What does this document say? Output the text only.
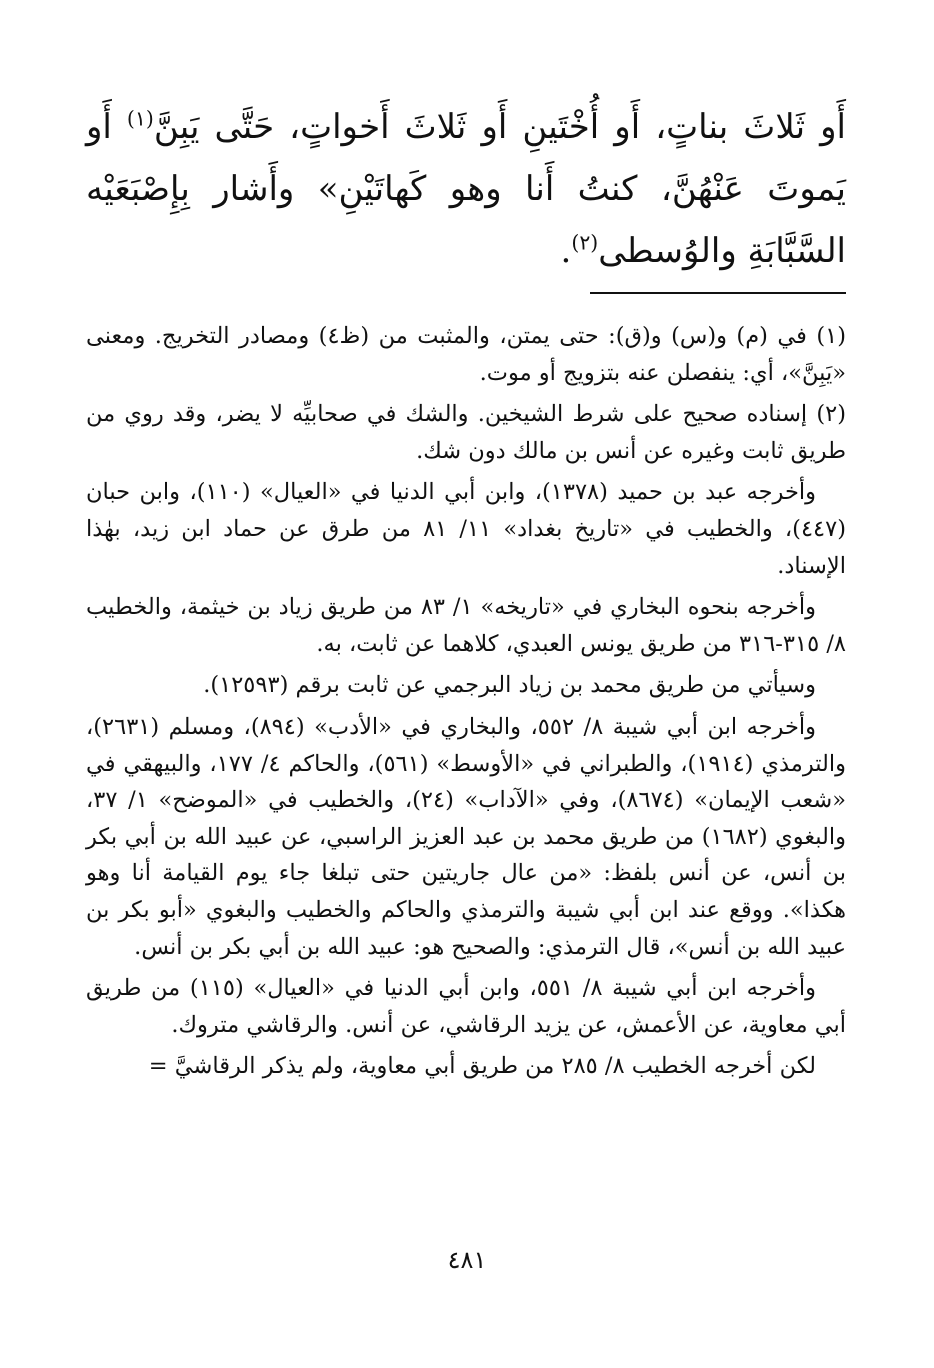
أَو ثَلاثَ بناتٍ، أَو أُخْتَينِ أَو ثَلاثَ أَخواتٍ، حَتَّى يَبِنَّ$^{(١)}$ أَو يَموتَ عَنْهُنَّ، كنتُ أَنا وهو كَهاتَيْنِ» وأَشار بِإِصْبَعَيْه السَّبَّابَةِ والوُسطى$^{(٢)}$.

(١) في (م) و(س) و(ق): حتى يمتن، والمثبت من (ظ٤) ومصادر التخريج. ومعنى «يَبِنَّ»، أي: ينفصلن عنه بتزويج أو موت.

(٢) إسناده صحيح على شرط الشيخين. والشك في صحابيِّه لا يضر، وقد روي من طريق ثابت وغيره عن أنس بن مالك دون شك.

وأخرجه عبد بن حميد (١٣٧٨)، وابن أبي الدنيا في «العيال» (١١٠)، وابن حبان (٤٤٧)، والخطيب في «تاريخ بغداد» ١١/ ٨١ من طرق عن حماد ابن زيد، بهٰذا الإسناد.

وأخرجه بنحوه البخاري في «تاريخه» ١/ ٨٣ من طريق زياد بن خيثمة، والخطيب ٨/ ٣١٥-٣١٦ من طريق يونس العبدي، كلاهما عن ثابت، به.

وسيأتي من طريق محمد بن زياد البرجمي عن ثابت برقم (١٢٥٩٣).

وأخرجه ابن أبي شيبة ٨/ ٥٥٢، والبخاري في «الأدب» (٨٩٤)، ومسلم (٢٦٣١)، والترمذي (١٩١٤)، والطبراني في «الأوسط» (٥٦١)، والحاكم ٤/ ١٧٧، والبيهقي في «شعب الإيمان» (٨٦٧٤)، وفي «الآداب» (٢٤)، والخطيب في «الموضح» ١/ ٣٧، والبغوي (١٦٨٢) من طريق محمد بن عبد العزيز الراسبي، عن عبيد الله بن أبي بكر بن أنس، عن أنس بلفظ: «من عال جاريتين حتى تبلغا جاء يوم القيامة أنا وهو هكذا». ووقع عند ابن أبي شيبة والترمذي والحاكم والخطيب والبغوي «أبو بكر بن عبيد الله بن أنس»، قال الترمذي: والصحيح هو: عبيد الله بن أبي بكر بن أنس.

وأخرجه ابن أبي شيبة ٨/ ٥٥١، وابن أبي الدنيا في «العيال» (١١٥) من طريق أبي معاوية، عن الأعمش، عن يزيد الرقاشي، عن أنس. والرقاشي متروك.

لكن أخرجه الخطيب ٨/ ٢٨٥ من طريق أبي معاوية، ولم يذكر الرقاشيَّ =

٤٨١
